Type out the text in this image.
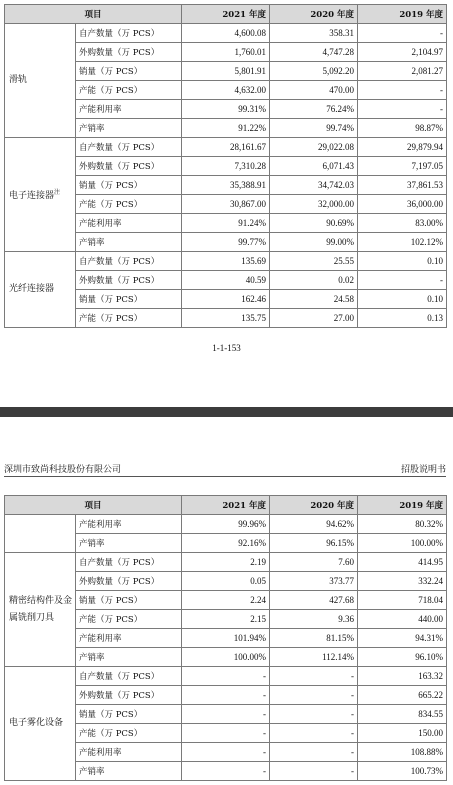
项目		2021 年度	2020 年度	2019 年度
滑轨	自产数量（万 PCS）	4,600.08	358.31	-
	外购数量（万 PCS）	1,760.01	4,747.28	2,104.97
	销量（万 PCS）	5,801.91	5,092.20	2,081.27
	产能（万 PCS）	4,632.00	470.00	-
	产能利用率	99.31%	76.24%	-
	产销率	91.22%	99.74%	98.87%
电子连接器$^注$	自产数量（万 PCS）	28,161.67	29,022.08	29,879.94
	外购数量（万 PCS）	7,310.28	6,071.43	7,197.05
	销量（万 PCS）	35,388.91	34,742.03	37,861.53
	产能（万 PCS）	30,867.00	32,000.00	36,000.00
	产能利用率	91.24%	90.69%	83.00%
	产销率	99.77%	99.00%	102.12%
光纤连接器	自产数量（万 PCS）	135.69	25.55	0.10
	外购数量（万 PCS）	40.59	0.02	-
	销量（万 PCS）	162.46	24.58	0.10
	产能（万 PCS）	135.75	27.00	0.13
1-1-153
深圳市致尚科技股份有限公司	招股说明书
项目		2021 年度	2020 年度	2019 年度
	产能利用率	99.96%	94.62%	80.32%
	产销率	92.16%	96.15%	100.00%
精密结构件及金属铣削刀具	自产数量（万 PCS）	2.19	7.60	414.95
	外购数量（万 PCS）	0.05	373.77	332.24
	销量（万 PCS）	2.24	427.68	718.04
	产能（万 PCS）	2.15	9.36	440.00
	产能利用率	101.94%	81.15%	94.31%
	产销率	100.00%	112.14%	96.10%
电子雾化设备	自产数量（万 PCS）	-	-	163.32
	外购数量（万 PCS）	-	-	665.22
	销量（万 PCS）	-	-	834.55
	产能（万 PCS）	-	-	150.00
	产能利用率	-	-	108.88%
	产销率	-	-	100.73%
